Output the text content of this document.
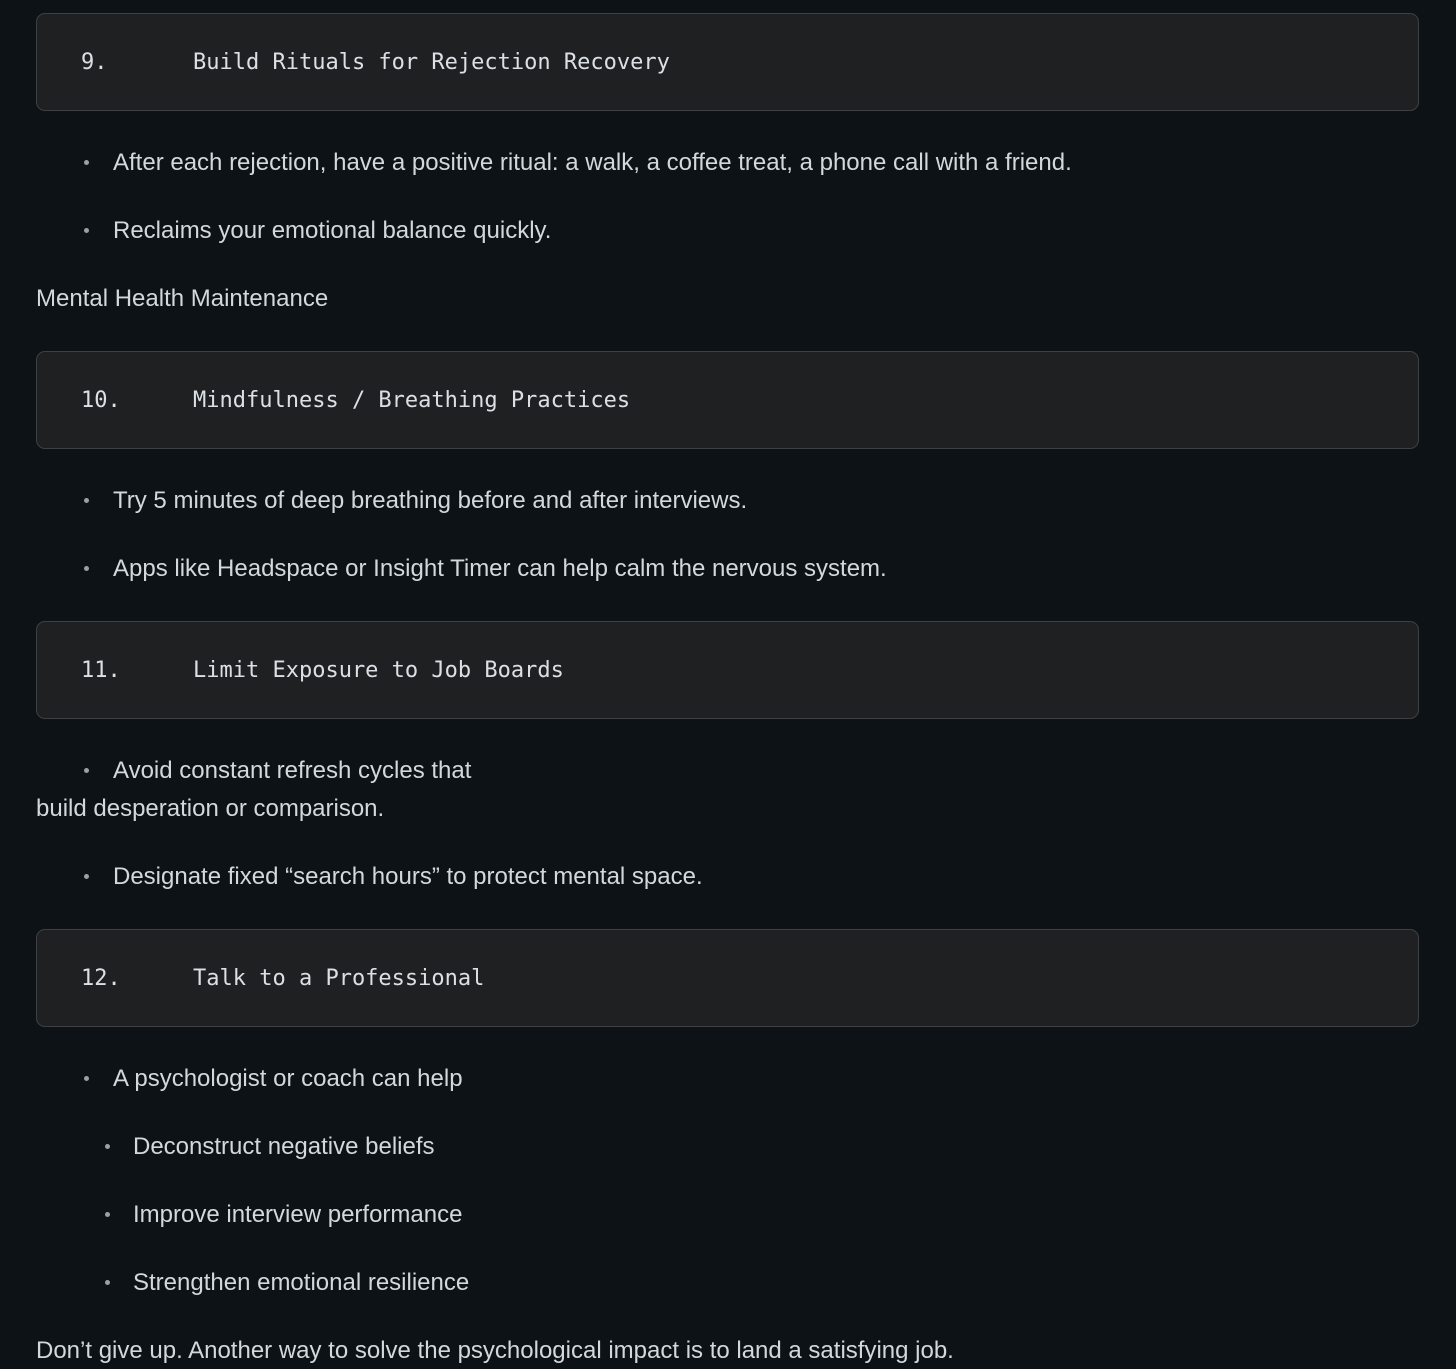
9.	Build Rituals for Rejection Recovery
After each rejection, have a positive ritual: a walk, a coffee treat, a phone call with a friend.
Reclaims your emotional balance quickly.

Mental Health Maintenance

10.	Mindfulness / Breathing Practices
Try 5 minutes of deep breathing before and after interviews.
Apps like Headspace or Insight Timer can help calm the nervous system.
11.	Limit Exposure to Job Boards
Avoid constant refresh cycles that
build desperation or comparison.
Designate fixed “search hours” to protect mental space.
12.	Talk to a Professional
A psychologist or coach can help
Deconstruct negative beliefs
Improve interview performance
Strengthen emotional resilience

Don’t give up. Another way to solve the psychological impact is to land a satisfying job.
